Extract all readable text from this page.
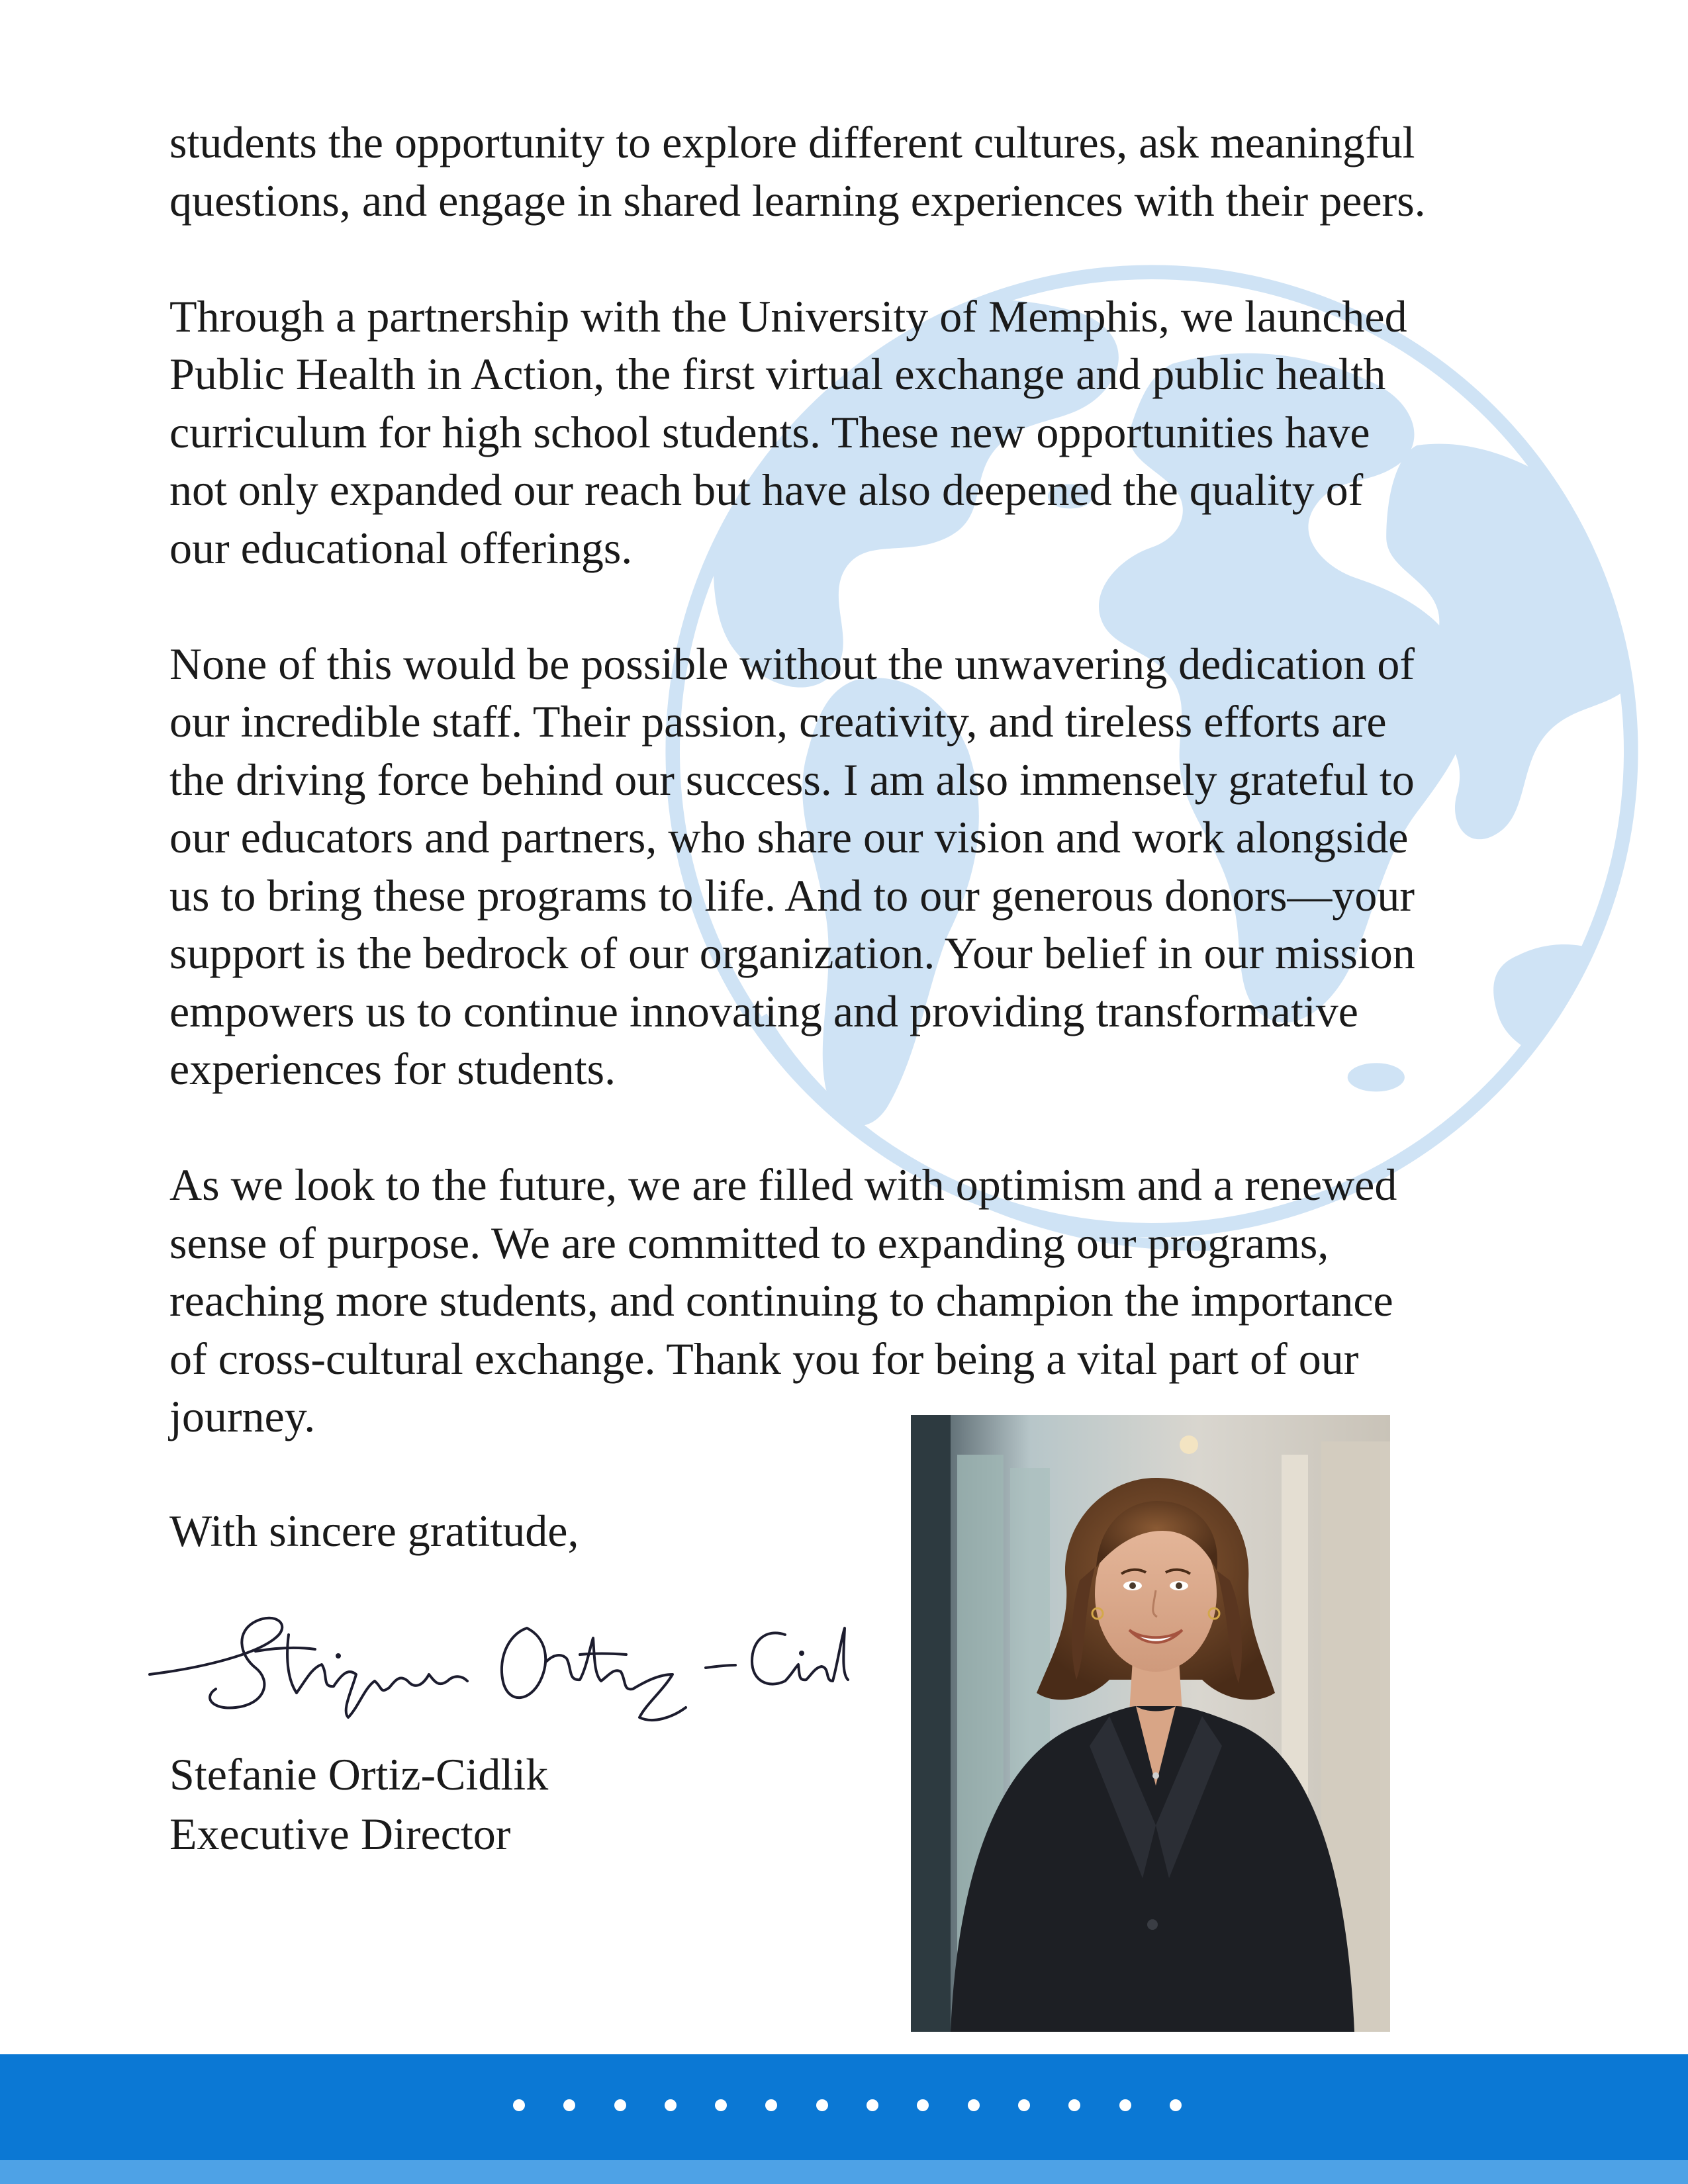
students the opportunity to explore different cultures, ask meaningful
questions, and engage in shared learning experiences with their peers.

Through a partnership with the University of Memphis, we launched
Public Health in Action, the first virtual exchange and public health
curriculum for high school students. These new opportunities have
not only expanded our reach but have also deepened the quality of
our educational offerings.

None of this would be possible without the unwavering dedication of
our incredible staff. Their passion, creativity, and tireless efforts are
the driving force behind our success. I am also immensely grateful to
our educators and partners, who share our vision and work alongside
us to bring these programs to life. And to our generous donors—your
support is the bedrock of our organization. Your belief in our mission
empowers us to continue innovating and providing transformative
experiences for students.

As we look to the future, we are filled with optimism and a renewed
sense of purpose. We are committed to expanding our programs,
reaching more students, and continuing to champion the importance
of cross-cultural exchange. Thank you for being a vital part of our
journey.

With sincere gratitude,
Stefanie Ortiz-Cidlik
Executive Director
